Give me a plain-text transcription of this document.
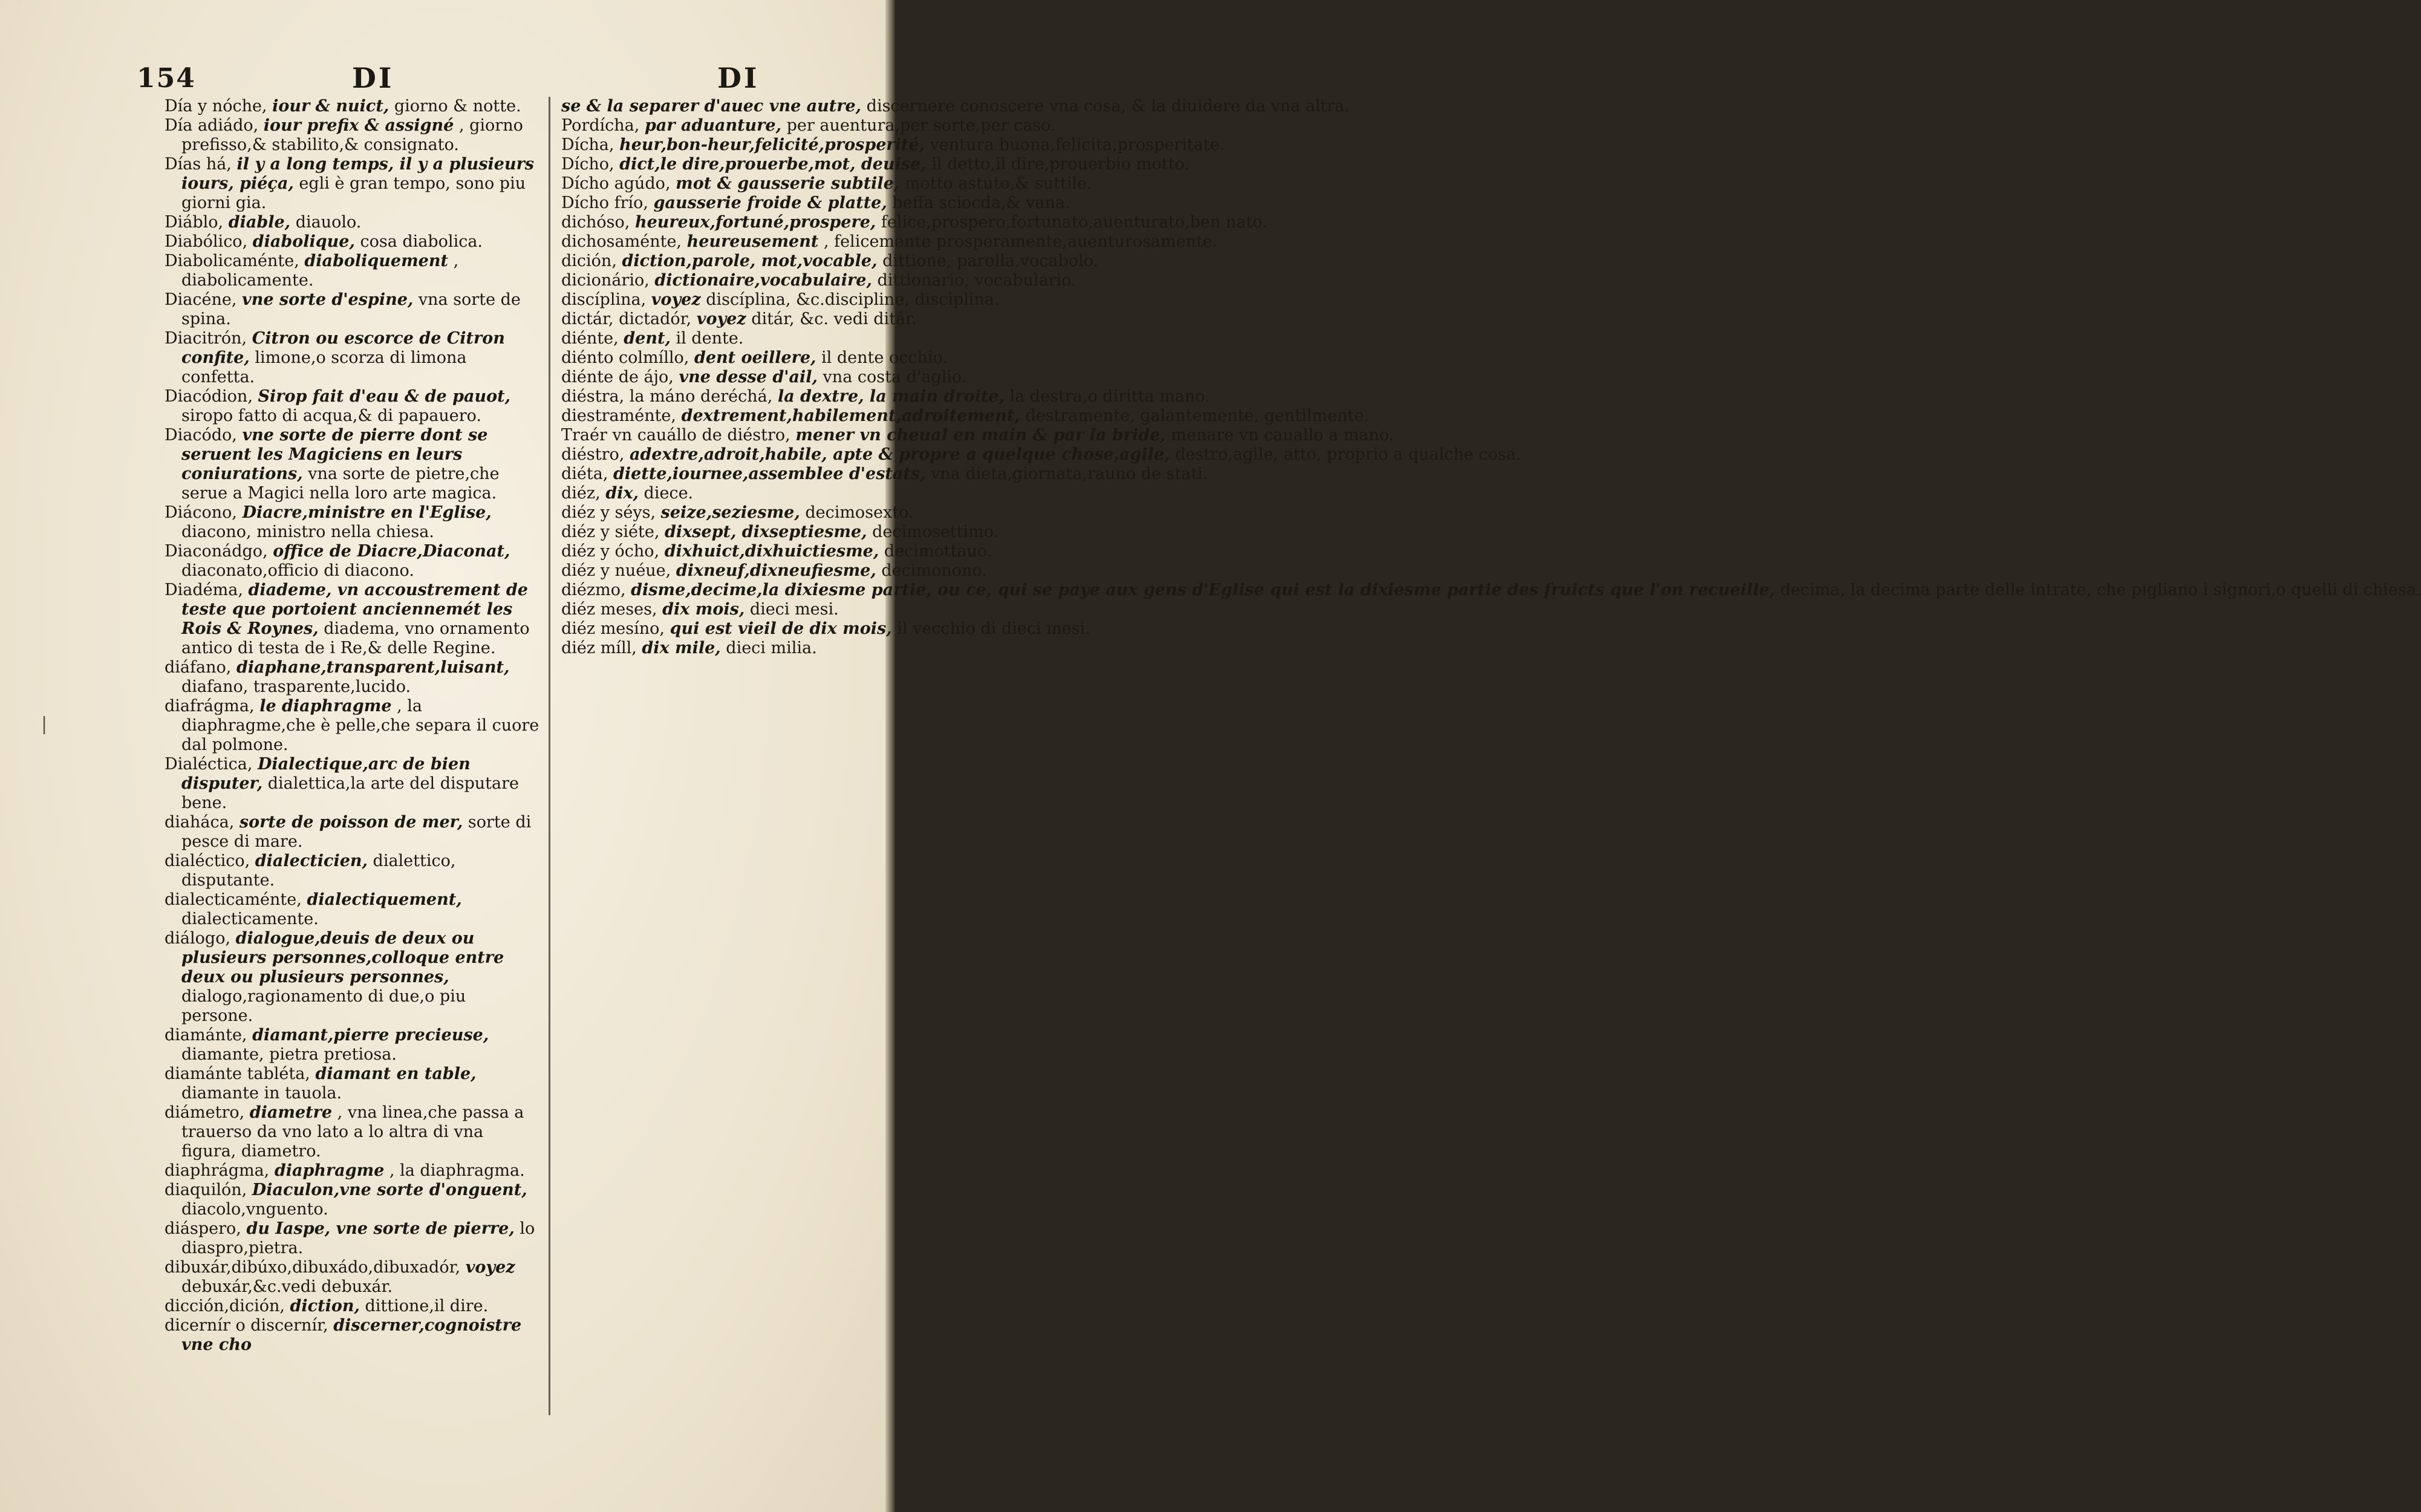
154	DI	DI

Día y nóche, iour & nuict, giorno & notte.

Día adiádo, iour prefix & assigné , giorno prefisso,& stabilito,& consignato.

Días há, il y a long temps, il y a plusieurs iours, piéça, egli è gran tempo, sono piu giorni gia.

Diáblo, diable, diauolo.

Diabólico, diabolique, cosa diabolica.

Diabolicaménte, diaboliquement , diabolicamente.

Diacéne, vne sorte d'espine, vna sorte de spina.

Diacitrón, Citron ou escorce de Citron confite, limone,o scorza di limona confetta.

Diacódion, Sirop fait d'eau & de pauot, siropo fatto di acqua,& di papauero.

Diacódo, vne sorte de pierre dont se seruent les Magiciens en leurs coniurations, vna sorte de pietre,che serue a Magici nella loro arte magica.

Diácono, Diacre,ministre en l'Eglise, diacono, ministro nella chiesa.

Diaconádgo, office de Diacre,Diaconat, diaconato,officio di diacono.

Diadéma, diademe, vn accoustrement de teste que portoient anciennemét les Rois & Roynes, diadema, vno ornamento antico di testa de i Re,& delle Regine.

diáfano, diaphane,transparent,luisant, diafano, trasparente,lucido.

diafrágma, le diaphragme , la diaphragme,che è pelle,che separa il cuore dal polmone.

Dialéctica, Dialectique,arc de bien disputer, dialettica,la arte del disputare bene.

diaháca, sorte de poisson de mer, sorte di pesce di mare.

dialéctico, dialecticien, dialettico, disputante.

dialecticaménte, dialectiquement, dialecticamente.

diálogo, dialogue,deuis de deux ou plusieurs personnes,colloque entre deux ou plusieurs personnes, dialogo,ragionamento di due,o piu persone.

diamánte, diamant,pierre precieuse, diamante, pietra pretiosa.

diamánte tabléta, diamant en table, diamante in tauola.

diámetro, diametre , vna linea,che passa a trauerso da vno lato a lo altra di vna figura, diametro.

diaphrágma, diaphragme , la diaphragma.

diaquilón, Diaculon,vne sorte d'onguent, diacolo,vnguento.

diáspero, du Iaspe, vne sorte de pierre, lo diaspro,pietra.

dibuxár,dibúxo,dibuxádo,dibuxadór, voyez debuxár,&c.vedi debuxár.

dicción,dición, diction, dittione,il dire.

dicernír o discernír, discerner,cognoistre vne cho

se & la separer d'auec vne autre, discernere conoscere vna cosa, & la diuidere da vna altra.

Pordícha, par aduanture, per auentura,per sorte,per caso.

Dícha, heur,bon-heur,felicité,prosperité, ventura buona,felicita,prosperitate.

Dícho, dict,le dire,prouerbe,mot, deuise, il detto,il dire,prouerbio motto.

Dícho agúdo, mot & gausserie subtile, motto astuto,& suttile.

Dícho frío, gausserie froide & platte, beffa sciocda,& vana.

dichóso, heureux,fortuné,prospere, felice,prospero,fortunato,auenturato,ben nato.

dichosaménte, heureusement , felicemente prosperamente,auenturosamente.

dición, diction,parole, mot,vocable, dittione, parolla,vocabolo.

dicionário, dictionaire,vocabulaire, dittionario, vocabulario.

discíplina, voyez discíplina, &c.discipline, disciplina.

dictár, dictadór, voyez ditár, &c. vedi ditár.

diénte, dent, il dente.

diénto colmíllo, dent oeillere, il dente occhio.

diénte de ájo, vne desse d'ail, vna costa d'aglio.

diéstra, la máno deréchá, la dextre, la main droite, la destra,o diritta mano.

diestraménte, dextrement,habilement,adroitement, destramente, galantemente, gentilmente.

Traér vn cauállo de diéstro, mener vn cheual en main & par la bride, menare vn cauallo a mano.

diéstro, adextre,adroit,habile, apte & propre a quelque chose,agile, destro,agile, atto, proprio a qualche cosa.

diéta, diette,iournee,assemblee d'estats, vna dieta,giornata,rauno de stati.

diéz, dix, diece.

diéz y séys, seize,seziesme, decimosexto.

diéz y siéte, dixsept, dixseptiesme, decimosettimo.

diéz y ócho, dixhuict,dixhuictiesme, decimottauo.

diéz y nuéue, dixneuf,dixneufiesme, decimonono.

diézmo, disme,decime,la dixiesme partie, ou ce, qui se paye aux gens d'Eglise qui est la dixiesme partie des fruicts que l'on recueille, decima, la decima parte delle intrate, che pigliano i signori,o quelli di chiesa.

diéz meses, dix mois, dieci mesi.

diéz mesíno, qui est vieil de dix mois, il vecchio di dieci mesi.

diéz míll, dix mile, dieci milia.

|
